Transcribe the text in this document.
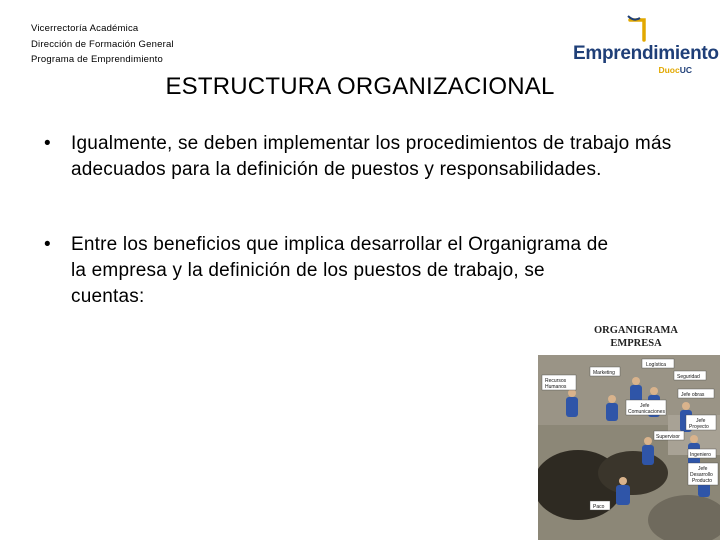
Vicerrectoría Académica
Dirección de Formación General
Programa de Emprendimiento	Emprendimiento
DuocUC
ESTRUCTURA ORGANIZACIONAL
• Igualmente, se deben implementar los procedimientos de trabajo más adecuados para la definición de puestos y responsabilidades.
• Entre los beneficios que implica desarrollar el Organigrama de la empresa y la definición de los puestos de trabajo, se cuentas:
ORGANIGRAMA
EMPRESA
Logística
Marketing
Recursos
Humanos
Seguridad
Jefe obras
Jefe
Comunicaciones
Jefe
Proyecto
Supervisor
Ingeniero
Jefe
Desarrollo
Producto
Paco
